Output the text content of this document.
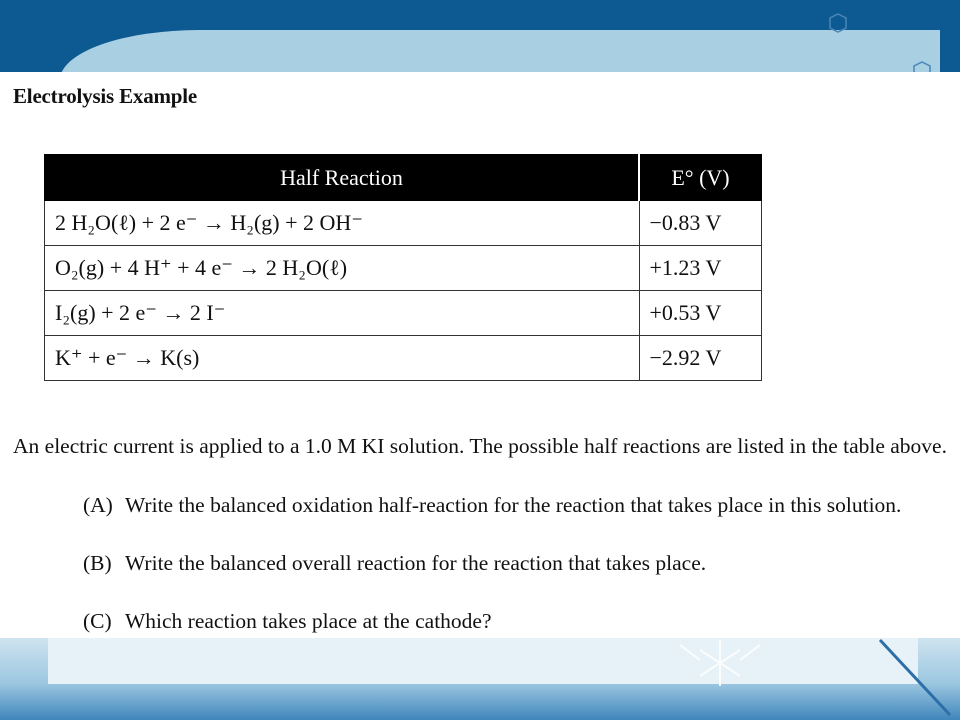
Electrolysis Example
Half Reaction	E° (V)
2 H₂O(ℓ) + 2 e⁻ → H₂(g) + 2 OH⁻	−0.83 V
O₂(g) + 4 H⁺ + 4 e⁻ → 2 H₂O(ℓ)	+1.23 V
I₂(g) + 2 e⁻ → 2 I⁻	+0.53 V
K⁺ + e⁻ → K(s)	−2.92 V
An electric current is applied to a 1.0 M KI solution. The possible half reactions are listed in the table above.
(A) Write the balanced oxidation half-reaction for the reaction that takes place in this solution.
(B) Write the balanced overall reaction for the reaction that takes place.
(C) Which reaction takes place at the cathode?
